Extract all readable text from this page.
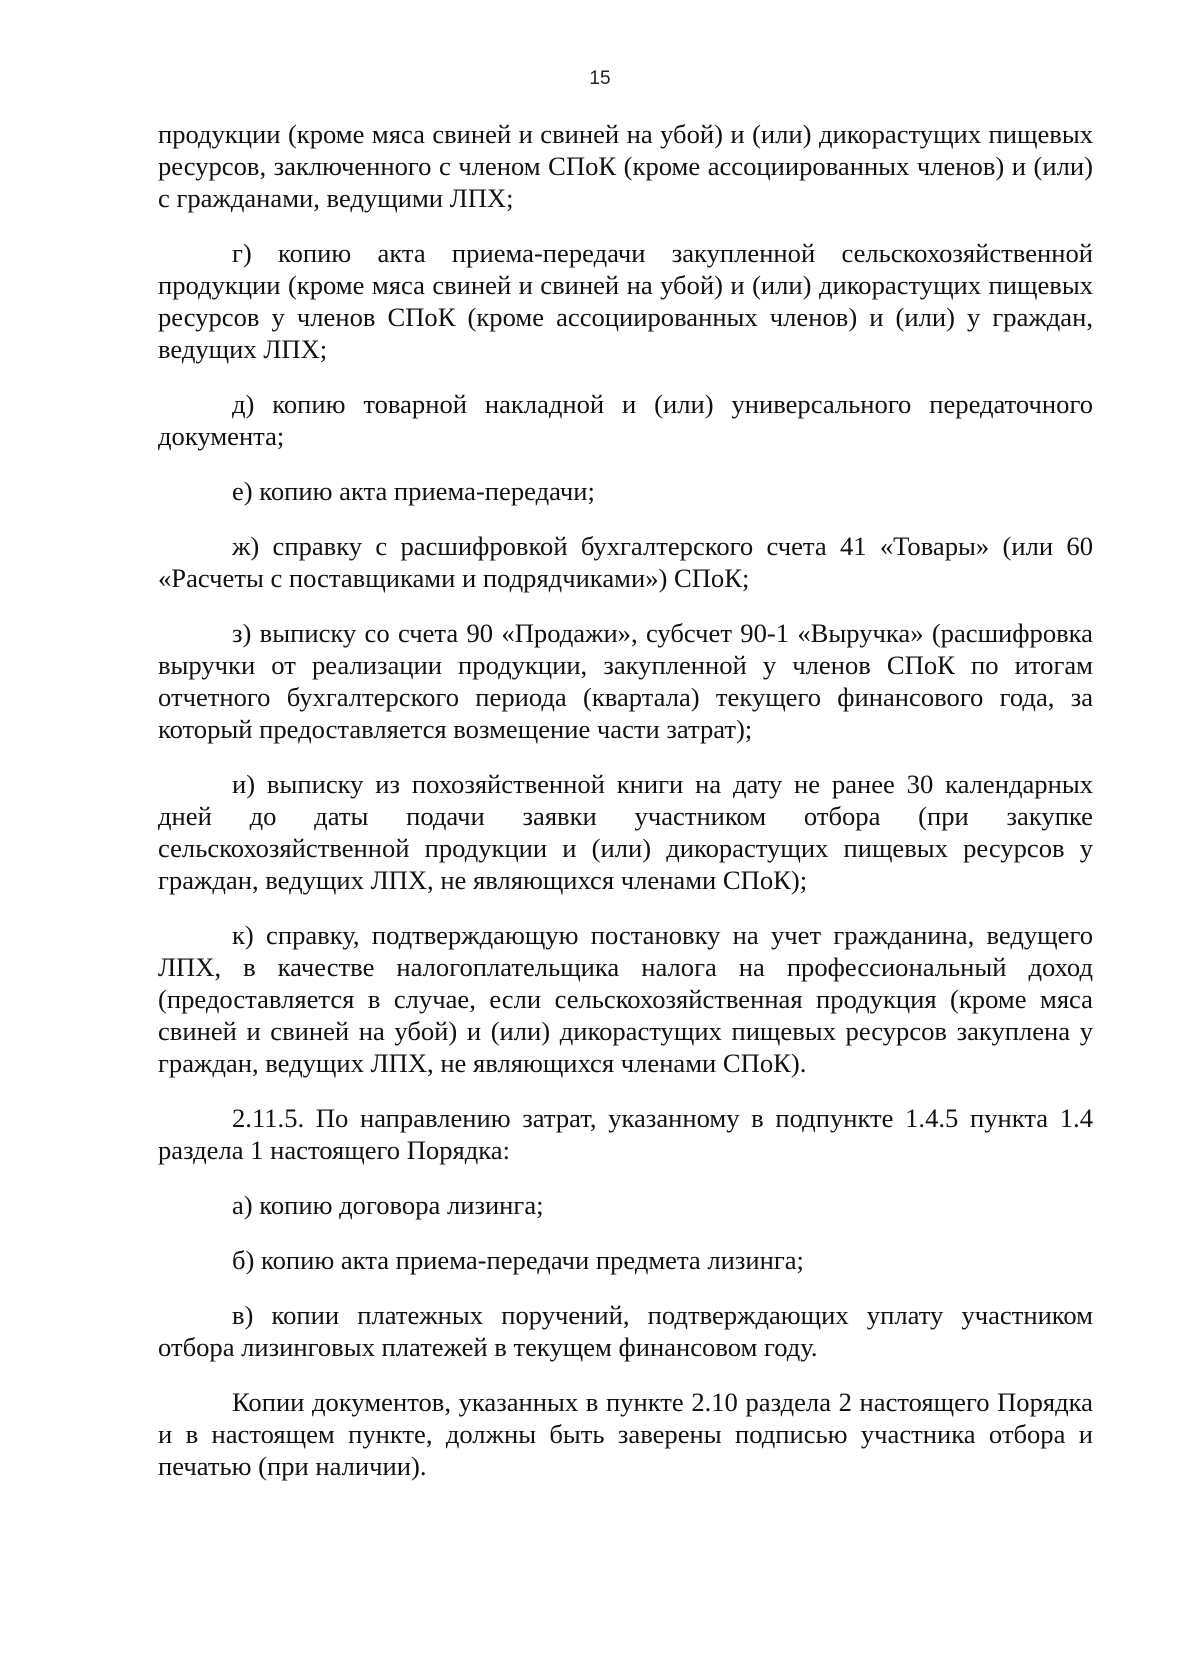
15

продукции (кроме мяса свиней и свиней на убой) и (или) дикорастущих пищевых ресурсов, заключенного с членом СПоК (кроме ассоциированных членов) и (или) с гражданами, ведущими ЛПХ;

г) копию акта приема-передачи закупленной сельскохозяйственной продукции (кроме мяса свиней и свиней на убой) и (или) дикорастущих пищевых ресурсов у членов СПоК (кроме ассоциированных членов) и (или) у граждан, ведущих ЛПХ;

д) копию товарной накладной и (или) универсального передаточного документа;

е) копию акта приема-передачи;

ж) справку с расшифровкой бухгалтерского счета 41 «Товары» (или 60 «Расчеты с поставщиками и подрядчиками») СПоК;

з) выписку со счета 90 «Продажи», субсчет 90-1 «Выручка» (расшифровка выручки от реализации продукции, закупленной у членов СПоК по итогам отчетного бухгалтерского периода (квартала) текущего финансового года, за который предоставляется возмещение части затрат);

и) выписку из похозяйственной книги на дату не ранее 30 календарных дней до даты подачи заявки участником отбора (при закупке сельскохозяйственной продукции и (или) дикорастущих пищевых ресурсов у граждан, ведущих ЛПХ, не являющихся членами СПоК);

к) справку, подтверждающую постановку на учет гражданина, ведущего ЛПХ, в качестве налогоплательщика налога на профессиональный доход (предоставляется в случае, если сельскохозяйственная продукция (кроме мяса свиней и свиней на убой) и (или) дикорастущих пищевых ресурсов закуплена у граждан, ведущих ЛПХ, не являющихся членами СПоК).

2.11.5. По направлению затрат, указанному в подпункте 1.4.5 пункта 1.4 раздела 1 настоящего Порядка:

а) копию договора лизинга;

б) копию акта приема-передачи предмета лизинга;

в) копии платежных поручений, подтверждающих уплату участником отбора лизинговых платежей в текущем финансовом году.

Копии документов, указанных в пункте 2.10 раздела 2 настоящего Порядка и в настоящем пункте, должны быть заверены подписью участника отбора и печатью (при наличии).
